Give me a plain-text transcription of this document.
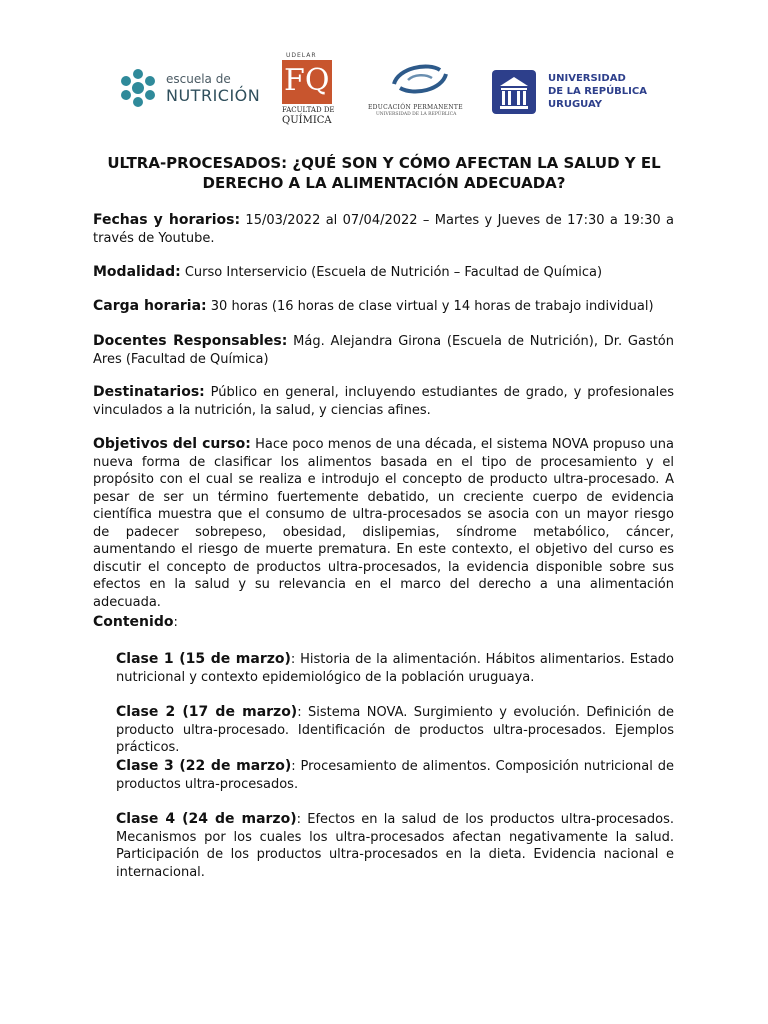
escuela de
NUTRICIÓN
UDELAR
FQ
FACULTAD DE
QUÍMICA
EDUCACIÓN PERMANENTE
UNIVERSIDAD DE LA REPÚBLICA
UNIVERSIDAD
DE LA REPÚBLICA
URUGUAY
ULTRA-PROCESADOS: ¿QUÉ SON Y CÓMO AFECTAN LA SALUD Y EL DERECHO A LA ALIMENTACIÓN ADECUADA?
Fechas y horarios: 15/03/2022 al 07/04/2022 – Martes y Jueves de 17:30 a 19:30 a través de Youtube.
Modalidad: Curso Interservicio (Escuela de Nutrición – Facultad de Química)
Carga horaria: 30 horas (16 horas de clase virtual y 14 horas de trabajo individual)
Docentes Responsables: Mág. Alejandra Girona (Escuela de Nutrición), Dr. Gastón Ares (Facultad de Química)
Destinatarios: Público en general, incluyendo estudiantes de grado, y profesionales vinculados a la nutrición, la salud, y ciencias afines.
Objetivos del curso: Hace poco menos de una década, el sistema NOVA propuso una nueva forma de clasificar los alimentos basada en el tipo de procesamiento y el propósito con el cual se realiza e introdujo el concepto de producto ultra-procesado. A pesar de ser un término fuertemente debatido, un creciente cuerpo de evidencia científica muestra que el consumo de ultra-procesados se asocia con un mayor riesgo de padecer sobrepeso, obesidad, dislipemias, síndrome metabólico, cáncer, aumentando el riesgo de muerte prematura. En este contexto, el objetivo del curso es discutir el concepto de productos ultra-procesados, la evidencia disponible sobre sus efectos en la salud y su relevancia en el marco del derecho a una alimentación adecuada.
Contenido:
Clase 1 (15 de marzo): Historia de la alimentación. Hábitos alimentarios. Estado nutricional y contexto epidemiológico de la población uruguaya.
Clase 2 (17 de marzo): Sistema NOVA. Surgimiento y evolución. Definición de producto ultra-procesado. Identificación de productos ultra-procesados. Ejemplos prácticos.
Clase 3 (22 de marzo): Procesamiento de alimentos. Composición nutricional de productos ultra-procesados.
Clase 4 (24 de marzo): Efectos en la salud de los productos ultra-procesados. Mecanismos por los cuales los ultra-procesados afectan negativamente la salud. Participación de los productos ultra-procesados en la dieta. Evidencia nacional e internacional.
